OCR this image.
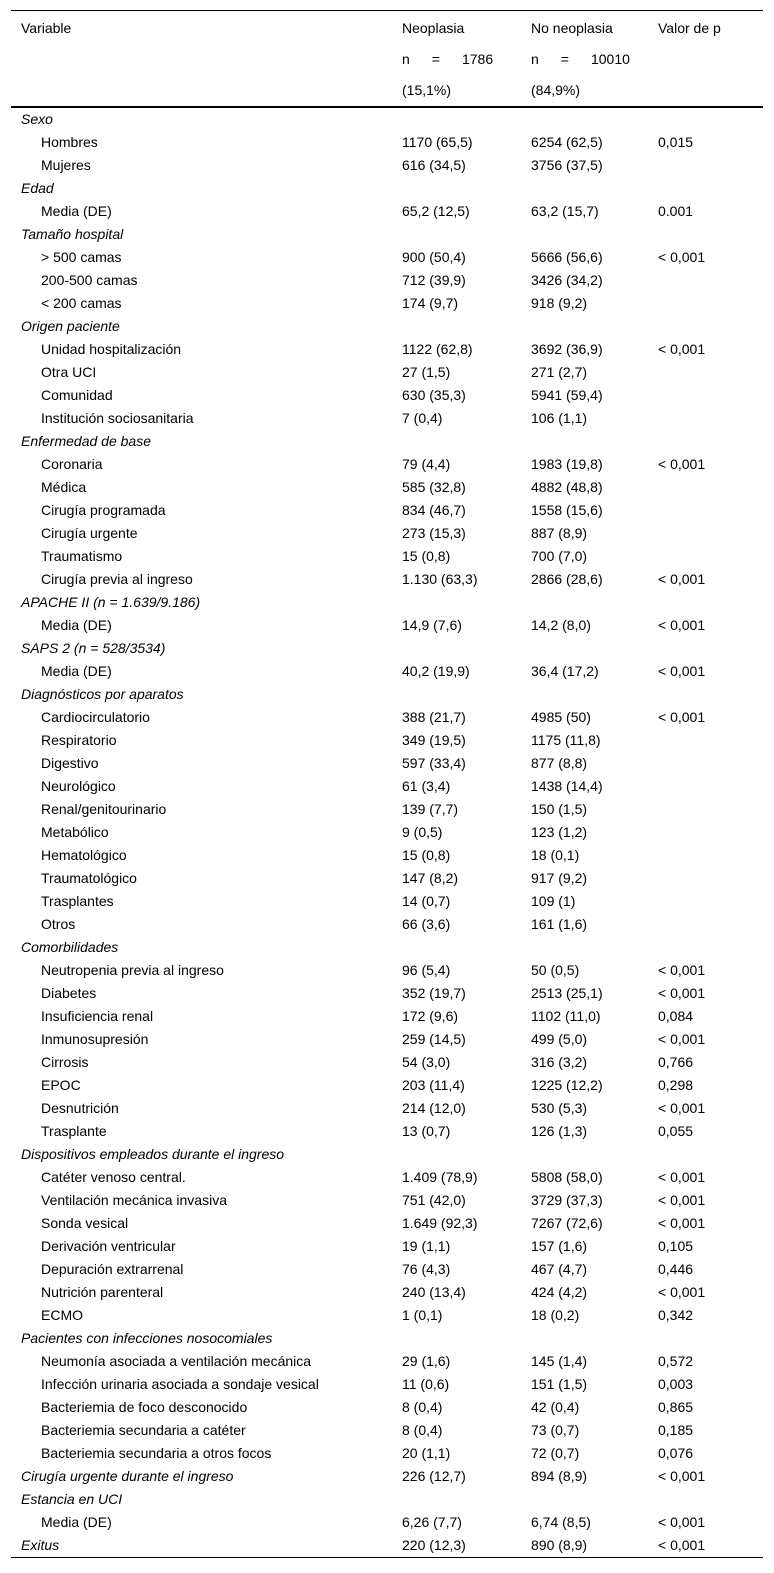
Variable	Neoplasia	No neoplasia	Valor de p
	n = 1786	n = 10010	
	(15,1%)	(84,9%)	
Sexo			
Hombres	1170 (65,5)	6254 (62,5)	0,015
Mujeres	616 (34,5)	3756 (37,5)	
Edad			
Media (DE)	65,2 (12,5)	63,2 (15,7)	0.001
Tamaño hospital			
> 500 camas	900 (50,4)	5666 (56,6)	< 0,001
200-500 camas	712 (39,9)	3426 (34,2)	
< 200 camas	174 (9,7)	918 (9,2)	
Origen paciente			
Unidad hospitalización	1122 (62,8)	3692 (36,9)	< 0,001
Otra UCI	27 (1,5)	271 (2,7)	
Comunidad	630 (35,3)	5941 (59,4)	
Institución sociosanitaria	7 (0,4)	106 (1,1)	
Enfermedad de base			
Coronaria	79 (4,4)	1983 (19,8)	< 0,001
Médica	585 (32,8)	4882 (48,8)	
Cirugía programada	834 (46,7)	1558 (15,6)	
Cirugía urgente	273 (15,3)	887 (8,9)	
Traumatismo	15 (0,8)	700 (7,0)	
Cirugía previa al ingreso	1.130 (63,3)	2866 (28,6)	< 0,001
APACHE II (n = 1.639/9.186)			
Media (DE)	14,9 (7,6)	14,2 (8,0)	< 0,001
SAPS 2 (n = 528/3534)			
Media (DE)	40,2 (19,9)	36,4 (17,2)	< 0,001
Diagnósticos por aparatos			
Cardiocirculatorio	388 (21,7)	4985 (50)	< 0,001
Respiratorio	349 (19,5)	1175 (11,8)	
Digestivo	597 (33,4)	877 (8,8)	
Neurológico	61 (3,4)	1438 (14,4)	
Renal/genitourinario	139 (7,7)	150 (1,5)	
Metabólico	9 (0,5)	123 (1,2)	
Hematológico	15 (0,8)	18 (0,1)	
Traumatológico	147 (8,2)	917 (9,2)	
Trasplantes	14 (0,7)	109 (1)	
Otros	66 (3,6)	161 (1,6)	
Comorbilidades			
Neutropenia previa al ingreso	96 (5,4)	50 (0,5)	< 0,001
Diabetes	352 (19,7)	2513 (25,1)	< 0,001
Insuficiencia renal	172 (9,6)	1102 (11,0)	0,084
Inmunosupresión	259 (14,5)	499 (5,0)	< 0,001
Cirrosis	54 (3,0)	316 (3,2)	0,766
EPOC	203 (11,4)	1225 (12,2)	0,298
Desnutrición	214 (12,0)	530 (5,3)	< 0,001
Trasplante	13 (0,7)	126 (1,3)	0,055
Dispositivos empleados durante el ingreso			
Catéter venoso central.	1.409 (78,9)	5808 (58,0)	< 0,001
Ventilación mecánica invasiva	751 (42,0)	3729 (37,3)	< 0,001
Sonda vesical	1.649 (92,3)	7267 (72,6)	< 0,001
Derivación ventricular	19 (1,1)	157 (1,6)	0,105
Depuración extrarrenal	76 (4,3)	467 (4,7)	0,446
Nutrición parenteral	240 (13,4)	424 (4,2)	< 0,001
ECMO	1 (0,1)	18 (0,2)	0,342
Pacientes con infecciones nosocomiales			
Neumonía asociada a ventilación mecánica	29 (1,6)	145 (1,4)	0,572
Infección urinaria asociada a sondaje vesical	11 (0,6)	151 (1,5)	0,003
Bacteriemia de foco desconocido	8 (0,4)	42 (0,4)	0,865
Bacteriemia secundaria a catéter	8 (0,4)	73 (0,7)	0,185
Bacteriemia secundaria a otros focos	20 (1,1)	72 (0,7)	0,076
Cirugía urgente durante el ingreso	226 (12,7)	894 (8,9)	< 0,001
Estancia en UCI			
Media (DE)	6,26 (7,7)	6,74 (8,5)	< 0,001
Exitus	220 (12,3)	890 (8,9)	< 0,001
